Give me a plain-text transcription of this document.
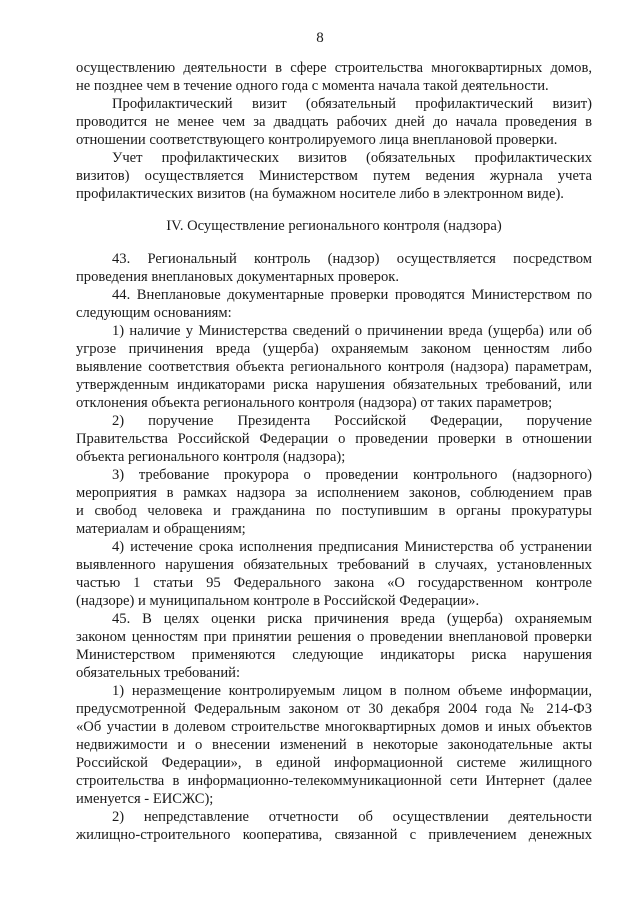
8
осуществлению деятельности в сфере строительства многоквартирных домов,
не позднее чем в течение одного года с момента начала такой деятельности.
Профилактический визит (обязательный профилактический визит)
проводится не менее чем за двадцать рабочих дней до начала проведения в
отношении соответствующего контролируемого лица внеплановой проверки.
Учет профилактических визитов (обязательных профилактических
визитов) осуществляется Министерством путем ведения журнала учета
профилактических визитов (на бумажном носителе либо в электронном виде).
IV. Осуществление регионального контроля (надзора)
43. Региональный контроль (надзор) осуществляется посредством
проведения внеплановых документарных проверок.
44. Внеплановые документарные проверки проводятся Министерством по
следующим основаниям:
1) наличие у Министерства сведений о причинении вреда (ущерба) или об
угрозе причинения вреда (ущерба) охраняемым законом ценностям либо
выявление соответствия объекта регионального контроля (надзора) параметрам,
утвержденным индикаторами риска нарушения обязательных требований, или
отклонения объекта регионального контроля (надзора) от таких параметров;
2) поручение Президента Российской Федерации, поручение
Правительства Российской Федерации о проведении проверки в отношении
объекта регионального контроля (надзора);
3) требование прокурора о проведении контрольного (надзорного)
мероприятия в рамках надзора за исполнением законов, соблюдением прав
и свобод человека и гражданина по поступившим в органы прокуратуры
материалам и обращениям;
4) истечение срока исполнения предписания Министерства об устранении
выявленного нарушения обязательных требований в случаях, установленных
частью 1 статьи 95 Федерального закона «О государственном контроле
(надзоре) и муниципальном контроле в Российской Федерации».
45. В целях оценки риска причинения вреда (ущерба) охраняемым
законом ценностям при принятии решения о проведении внеплановой проверки
Министерством применяются следующие индикаторы риска нарушения
обязательных требований:
1) неразмещение контролируемым лицом в полном объеме информации,
предусмотренной Федеральным законом от 30 декабря 2004 года № 214-ФЗ
«Об участии в долевом строительстве многоквартирных домов и иных объектов
недвижимости и о внесении изменений в некоторые законодательные акты
Российской Федерации», в единой информационной системе жилищного
строительства в информационно-телекоммуникационной сети Интернет (далее
именуется - ЕИСЖС);
2) непредставление отчетности об осуществлении деятельности
жилищно-строительного кооператива, связанной с привлечением денежных
